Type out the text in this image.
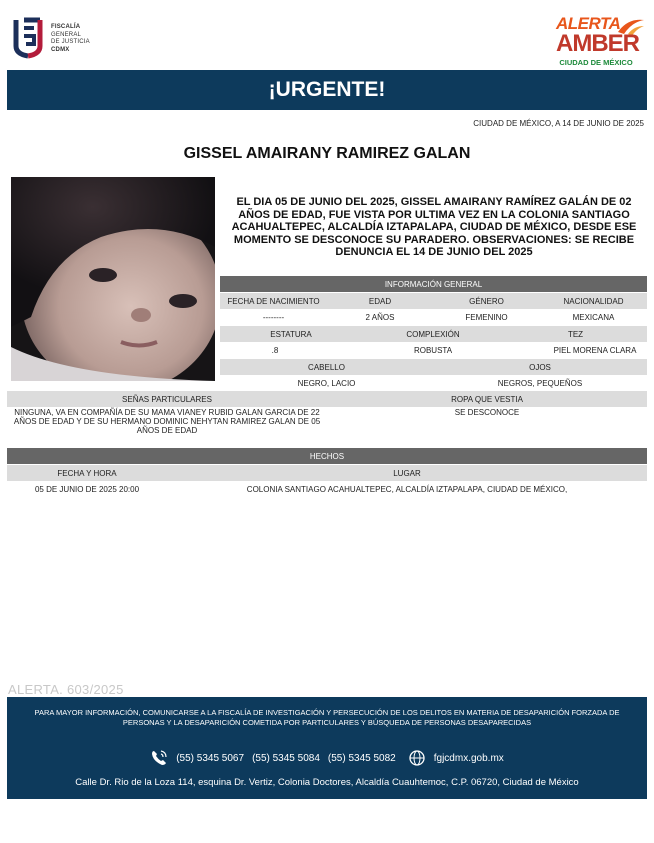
FISCALÍA
GENERAL
DE JUSTICIA
CDMX
ALERTA
AMBER
CIUDAD DE MÉXICO
¡URGENTE!
CIUDAD DE MÉXICO, A 14 DE JUNIO DE 2025
GISSEL AMAIRANY RAMIREZ GALAN
EL DIA 05 DE JUNIO DEL 2025, GISSEL AMAIRANY RAMÍREZ GALÁN DE 02 AÑOS DE EDAD, FUE VISTA POR ULTIMA VEZ EN LA COLONIA SANTIAGO ACAHUALTEPEC, ALCALDÍA IZTAPALAPA, CIUDAD DE MÉXICO, DESDE ESE MOMENTO SE DESCONOCE SU PARADERO. OBSERVACIONES: SE RECIBE DENUNCIA EL 14 DE JUNIO DEL 2025
INFORMACIÓN GENERAL
FECHA DE NACIMIENTO	EDAD	GÉNERO	NACIONALIDAD
--------	2 AÑOS	FEMENINO	MEXICANA
ESTATURA	COMPLEXIÓN	TEZ
.8	ROBUSTA	PIEL MORENA CLARA
CABELLO	OJOS
NEGRO, LACIO	NEGROS, PEQUEÑOS
SEÑAS PARTICULARES	ROPA QUE VESTIA
NINGUNA, VA EN COMPAÑÍA DE SU MAMA VIANEY RUBID GALAN GARCIA DE 22 AÑOS DE EDAD Y DE SU HERMANO DOMINIC NEHYTAN RAMIREZ GALAN DE 05 AÑOS DE EDAD
SE DESCONOCE
HECHOS
FECHA Y HORA	LUGAR
05 DE JUNIO DE 2025 20:00	COLONIA SANTIAGO ACAHUALTEPEC, ALCALDÍA IZTAPALAPA, CIUDAD DE MÉXICO,
ALERTA. 603/2025
PARA MAYOR INFORMACIÓN, COMUNICARSE A LA FISCALÍA DE INVESTIGACIÓN Y PERSECUCIÓN DE LOS DELITOS EN MATERIA DE DESAPARICIÓN FORZADA DE PERSONAS Y LA DESAPARICIÓN COMETIDA POR PARTICULARES Y BÚSQUEDA DE PERSONAS DESAPARECIDAS
(55) 5345 5067 (55) 5345 5084 (55) 5345 5082	fgjcdmx.gob.mx
Calle Dr. Rio de la Loza 114, esquina Dr. Vertiz, Colonia Doctores, Alcaldía Cuauhtemoc, C.P. 06720, Ciudad de México
